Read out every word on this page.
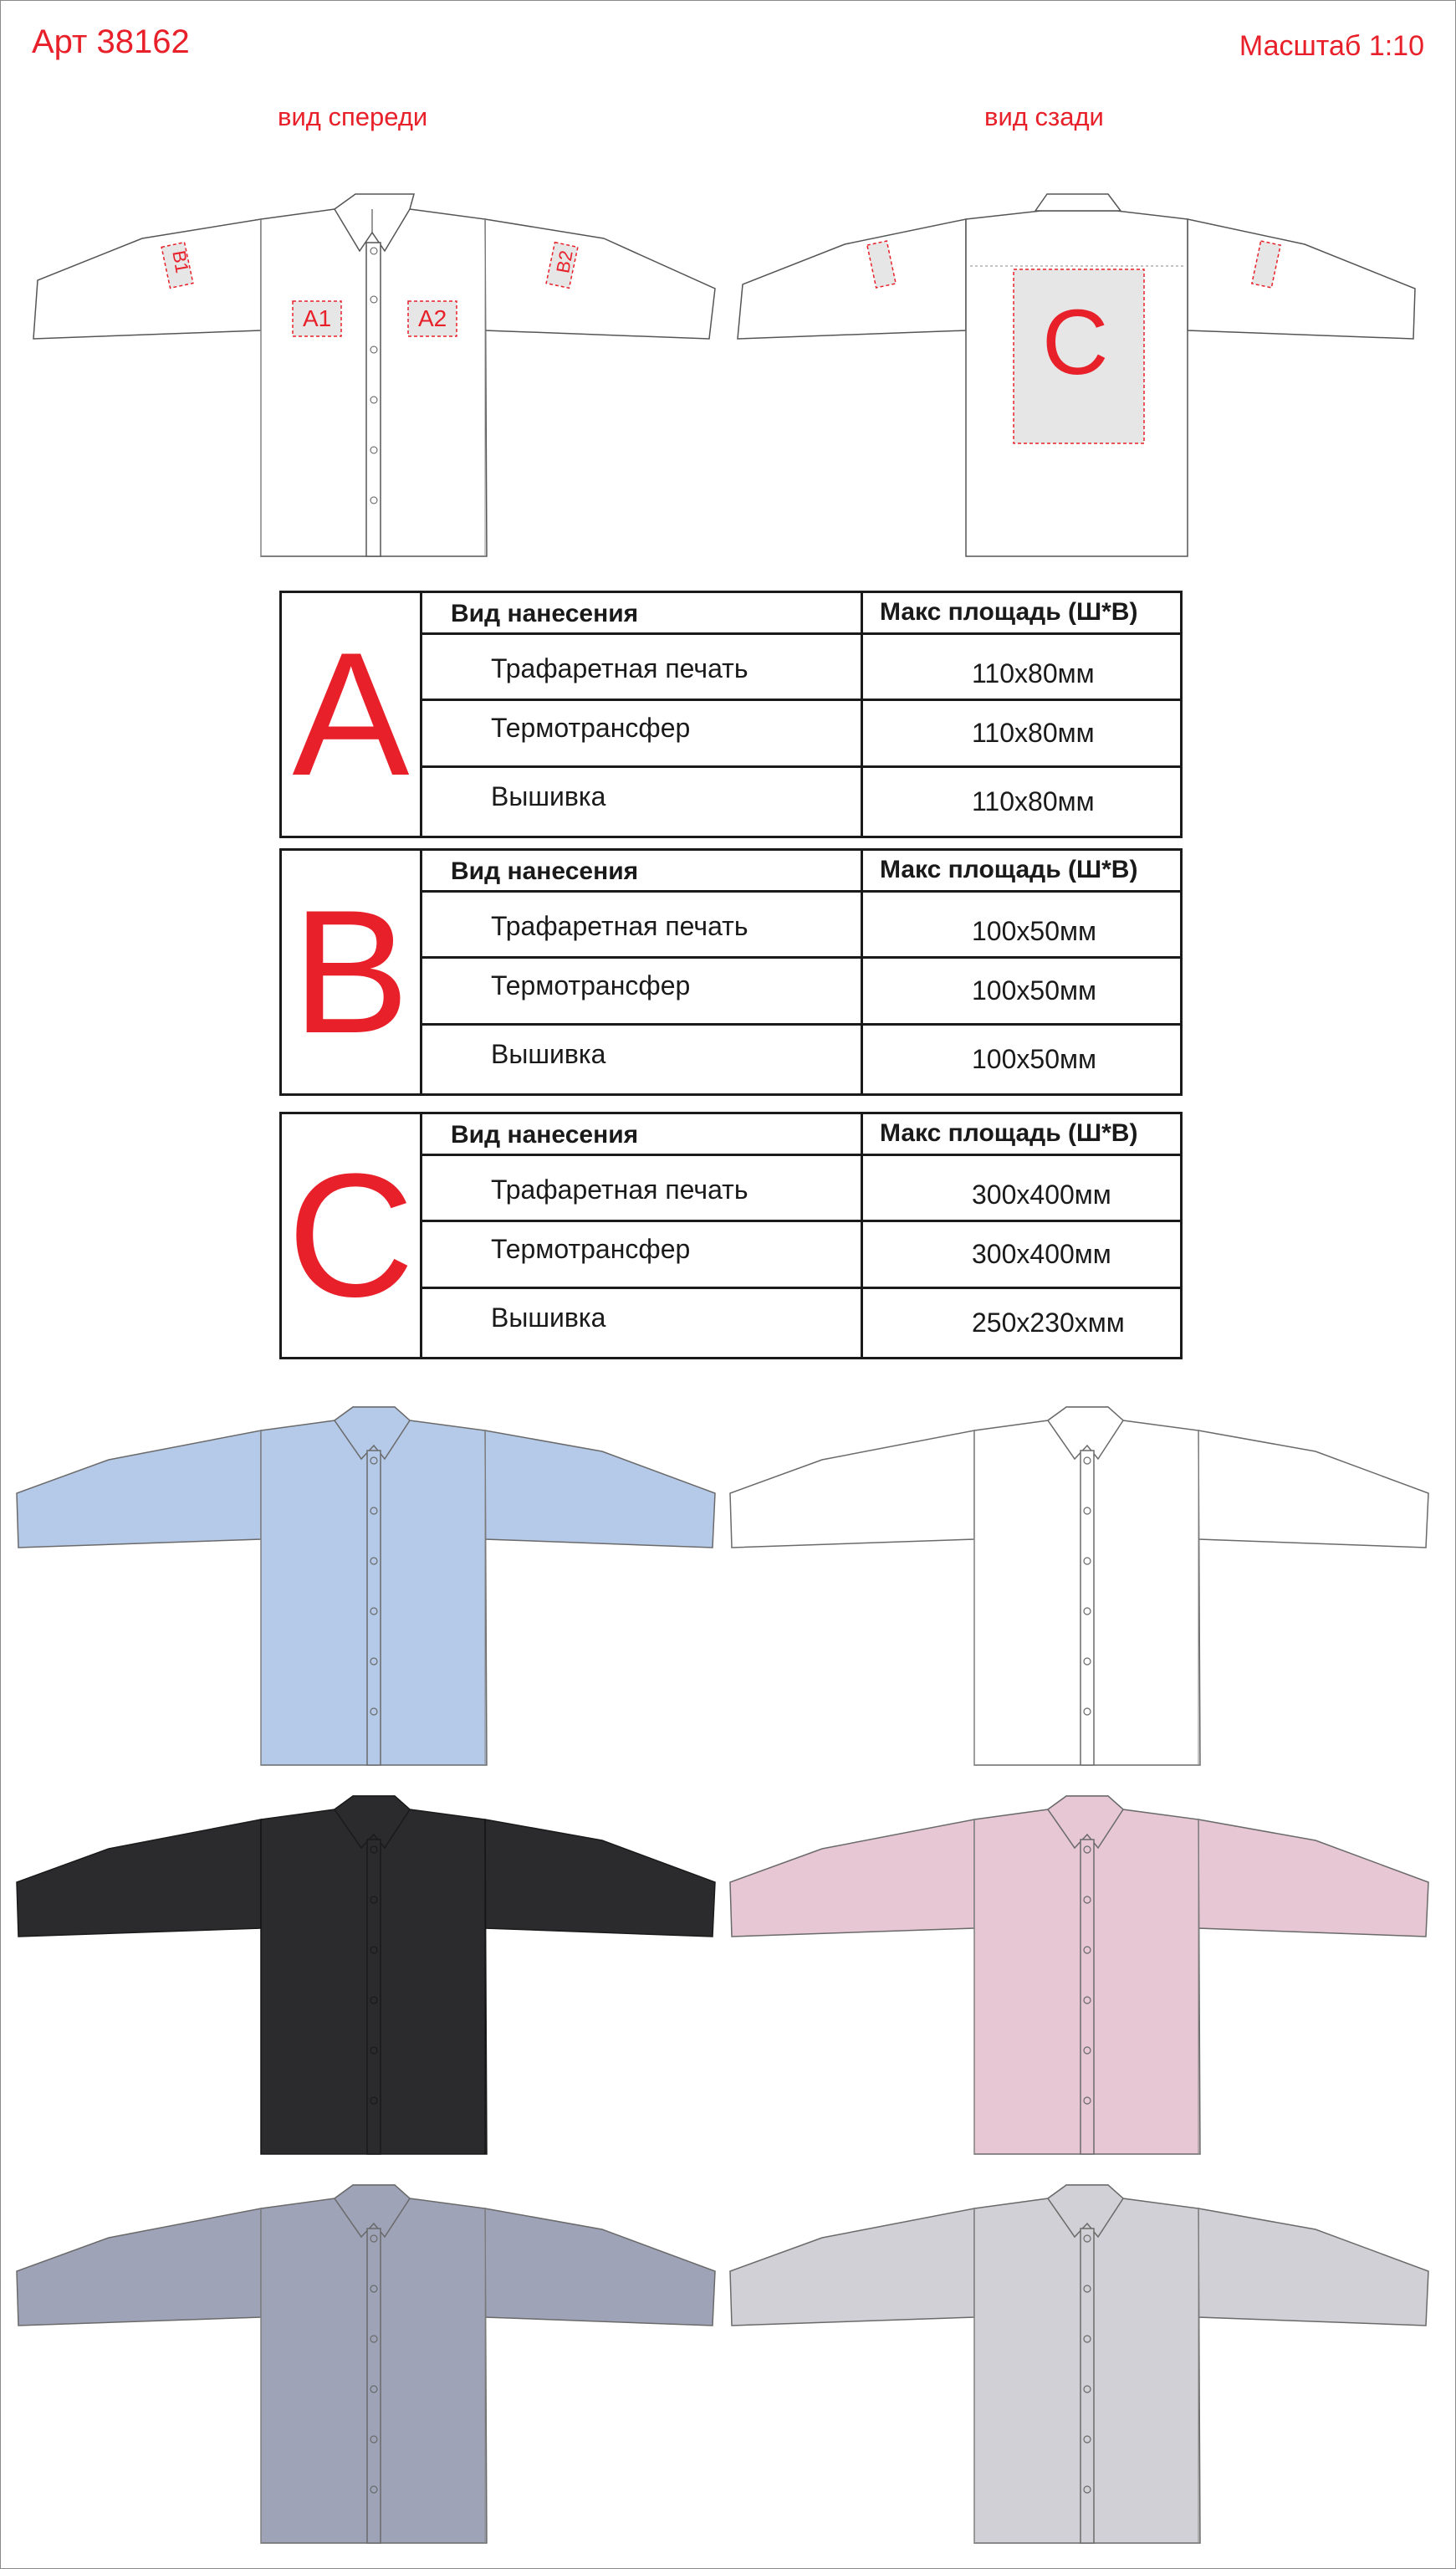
Арт 38162	Масштаб 1:10
вид спереди	вид сзади
A1	A2
B1	B2
C
A
Вид нанесения	Макс площадь (Ш*В)
Трафаретная печать	110x80мм
Термотрансфер	110x80мм
Вышивка	110x80мм
B
Вид нанесения	Макс площадь (Ш*В)
Трафаретная печать	100x50мм
Термотрансфер	100x50мм
Вышивка	100x50мм
C
Вид нанесения	Макс площадь (Ш*В)
Трафаретная печать	300x400мм
Термотрансфер	300x400мм
Вышивка	250x230хмм
